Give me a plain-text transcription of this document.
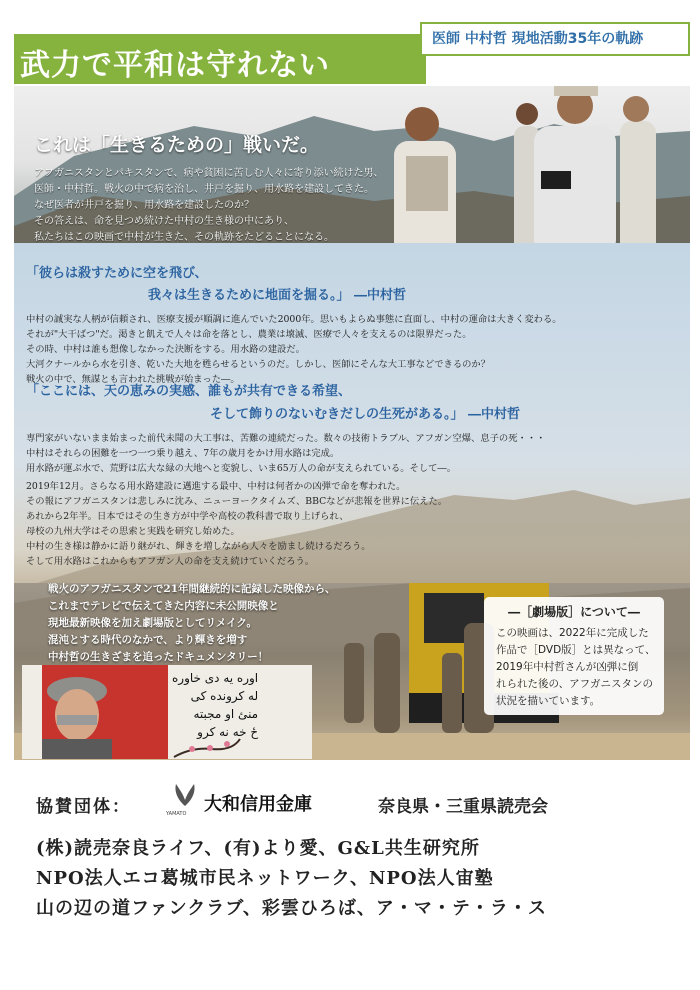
武力で平和は守れない
医師 中村哲 現地活動35年の軌跡
これは「生きるための」戦いだ。
アフガニスタンとパキスタンで、病や貧困に苦しむ人々に寄り添い続けた男、
医師・中村哲。戦火の中で病を治し、井戸を掘り、用水路を建設してきた。
なぜ医者が井戸を掘り、用水路を建設したのか？
その答えは、命を見つめ続けた中村の生き様の中にあり、
私たちはこの映画で中村が生きた、その軌跡をたどることになる。
「彼らは殺すために空を飛び、
我々は生きるために地面を掘る。」 ―中村哲
中村の誠実な人柄が信頼され、医療支援が順調に進んでいた2000年。思いもよらぬ事態に直面し、中村の運命は大きく変わる。
それが"大干ばつ"だ。渇きと飢えで人々は命を落とし、農業は壊滅、医療で人々を支えるのは限界だった。
その時、中村は誰も想像しなかった決断をする。用水路の建設だ。
大河クナールから水を引き、乾いた大地を甦らせるというのだ。しかし、医師にそんな大工事などできるのか？
戦火の中で、無謀とも言われた挑戦が始まった―。
「ここには、天の恵みの実感、誰もが共有できる希望、
そして飾りのないむきだしの生死がある。」 ―中村哲
専門家がいないまま始まった前代未聞の大工事は、苦難の連続だった。数々の技術トラブル、アフガン空爆、息子の死・・・
中村はそれらの困難を一つ一つ乗り越え、7年の歳月をかけ用水路は完成。
用水路が運ぶ水で、荒野は広大な緑の大地へと変貌し、いま65万人の命が支えられている。そして―。
2019年12月。さらなる用水路建設に邁進する最中、中村は何者かの凶弾で命を奪われた。
その報にアフガニスタンは悲しみに沈み、ニューヨークタイムズ、BBCなどが悲報を世界に伝えた。
あれから2年半。日本ではその生き方が中学や高校の教科書で取り上げられ、
母校の九州大学はその思索と実践を研究し始めた。
中村の生き様は静かに語り継がれ、輝きを増しながら人々を励まし続けるだろう。
そして用水路はこれからもアフガン人の命を支え続けていくだろう。
戦火のアフガニスタンで21年間継続的に記録した映像から、
これまでテレビで伝えてきた内容に未公開映像と
現地最新映像を加え劇場版としてリメイク。
混沌とする時代のなかで、より輝きを増す
中村哲の生きざまを追ったドキュメンタリー！
―［劇場版］について―
この映画は、2022年に完成した
作品で［DVD版］とは異なって、
2019年中村哲さんが凶弾に倒
れられた後の、アフガニスタンの
状況を描いています。
اوره یه دی خاوره
له کرونده کی
منئ او مجبته
ځ خه نه کرو
協賛団体：	YAMATO 大和信用金庫	奈良県・三重県読売会
(株)読売奈良ライフ、(有)より愛、G&L共生研究所
NPO法人エコ葛城市民ネットワーク、NPO法人宙塾
山の辺の道ファンクラブ、彩雲ひろば、ア・マ・テ・ラ・ス
